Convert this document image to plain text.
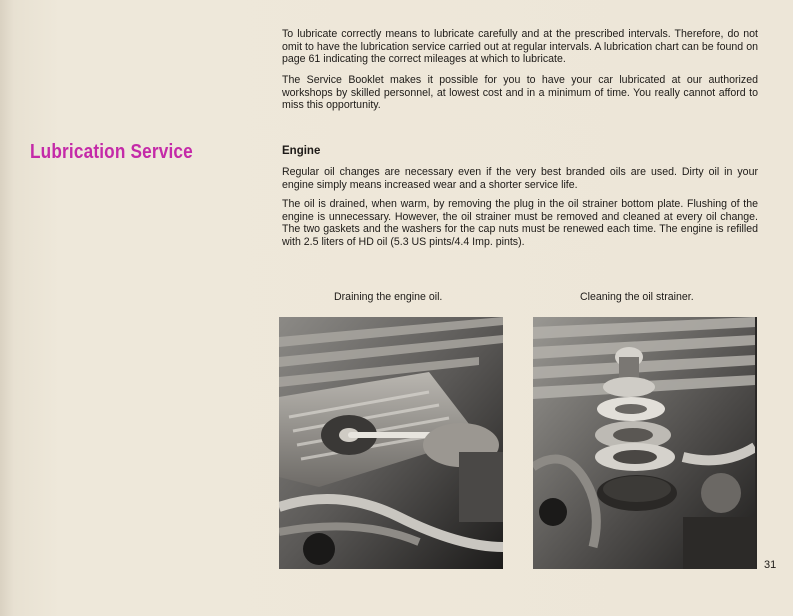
Lubrication Service

To lubricate correctly means to lubricate carefully and at the prescribed intervals. Therefore, do not omit to have the lubrication service carried out at regular intervals. A lubrication chart can be found on page 61 indicating the correct mileages at which to lubricate.

The Service Booklet makes it possible for you to have your car lubricated at our authorized workshops by skilled personnel, at lowest cost and in a minimum of time. You really cannot afford to miss this opportunity.

Engine

Regular oil changes are necessary even if the very best branded oils are used. Dirty oil in your engine simply means increased wear and a shorter service life.

The oil is drained, when warm, by removing the plug in the oil strainer bottom plate. Flushing of the engine is unnecessary. However, the oil strainer must be removed and cleaned at every oil change. The two gaskets and the washers for the cap nuts must be renewed each time. The engine is refilled with 2.5 liters of HD oil (5.3 US pints/4.4 Imp. pints).

Draining the engine oil.	Cleaning the oil strainer.
31
